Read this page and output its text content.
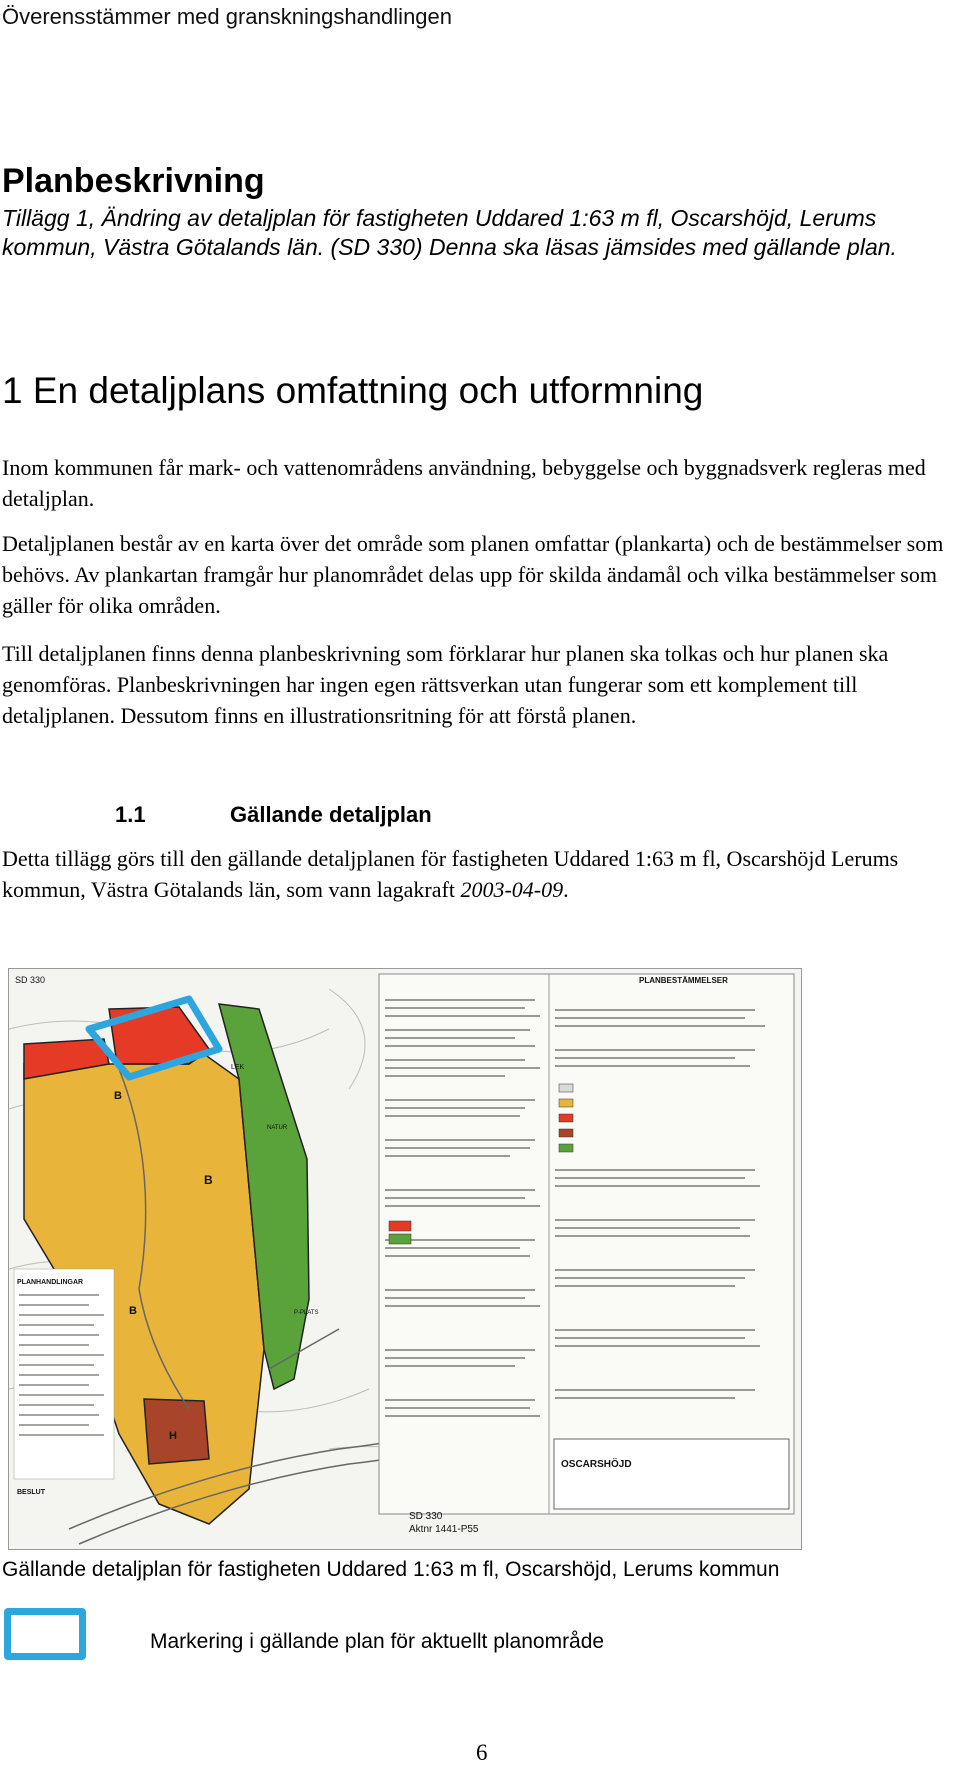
Överensstämmer med granskningshandlingen
Planbeskrivning
Tillägg 1, Ändring av detaljplan för fastigheten Uddared 1:63 m fl, Oscarshöjd, Lerums kommun, Västra Götalands län. (SD 330) Denna ska läsas jämsides med gällande plan.
1 En detaljplans omfattning och utformning
Inom kommunen får mark- och vattenområdens användning, bebyggelse och byggnadsverk regleras med detaljplan.
Detaljplanen består av en karta över det område som planen omfattar (plankarta) och de bestämmelser som behövs. Av plankartan framgår hur planområdet delas upp för skilda ändamål och vilka bestämmelser som gäller för olika områden.
Till detaljplanen finns denna planbeskrivning som förklarar hur planen ska tolkas och hur planen ska genomföras. Planbeskrivningen har ingen egen rättsverkan utan fungerar som ett komplement till detaljplanen. Dessutom finns en illustrationsritning för att förstå planen.
1.1	Gällande detaljplan
Detta tillägg görs till den gällande detaljplanen för fastigheten Uddared 1:63 m fl, Oscarshöjd Lerums kommun, Västra Götalands län, som vann lagakraft 2003-04-09.
SD 330	PLANBESTÄMMELSER
PLANHANDLINGAR
BESLUT
OSCARSHÖJD
SD 330
Aktnr 1441-P55
LEK
NATUR
B
B
B
H
P-PLATS
Gällande detaljplan för fastigheten Uddared 1:63 m fl, Oscarshöjd, Lerums kommun
Markering i gällande plan för aktuellt planområde
6
